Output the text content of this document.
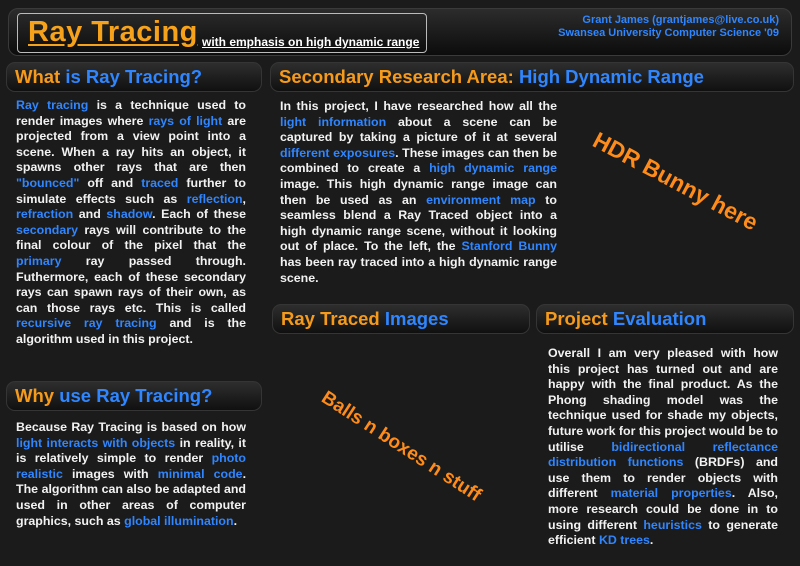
Ray Tracing with emphasis on high dynamic range
Grant James (grantjames@live.co.uk)
Swansea University Computer Science '09
What is Ray Tracing?
Ray tracing is a technique used to render images where rays of light are projected from a view point into a scene. When a ray hits an object, it spawns other rays that are then "bounced" off and traced further to simulate effects such as reflection, refraction and shadow. Each of these secondary rays will contribute to the final colour of the pixel that the primary ray passed through. Futhermore, each of these secondary rays can spawn rays of their own, as can those rays etc. This is called recursive ray tracing and is the algorithm used in this project.
Why use Ray Tracing?
Because Ray Tracing is based on how light interacts with objects in reality, it is relatively simple to render photo realistic images with minimal code. The algorithm can also be adapted and used in other areas of computer graphics, such as global illumination.
Secondary Research Area: High Dynamic Range
In this project, I have researched how all the light information about a scene can be captured by taking a picture of it at several different exposures. These images can then be combined to create a high dynamic range image. This high dynamic range image can then be used as an environment map to seamless blend a Ray Traced object into a high dynamic range scene, without it looking out of place. To the left, the Stanford Bunny has been ray traced into a high dynamic range scene.
HDR Bunny here
Ray Traced Images
Balls n boxes n stuff
Project Evaluation
Overall I am very pleased with how this project has turned out and are happy with the final product. As the Phong shading model was the technique used for shade my objects, future work for this project would be to utilise bidirectional reflectance distribution functions (BRDFs) and use them to render objects with different material properties. Also, more research could be done in to using different heuristics to generate efficient KD trees.
